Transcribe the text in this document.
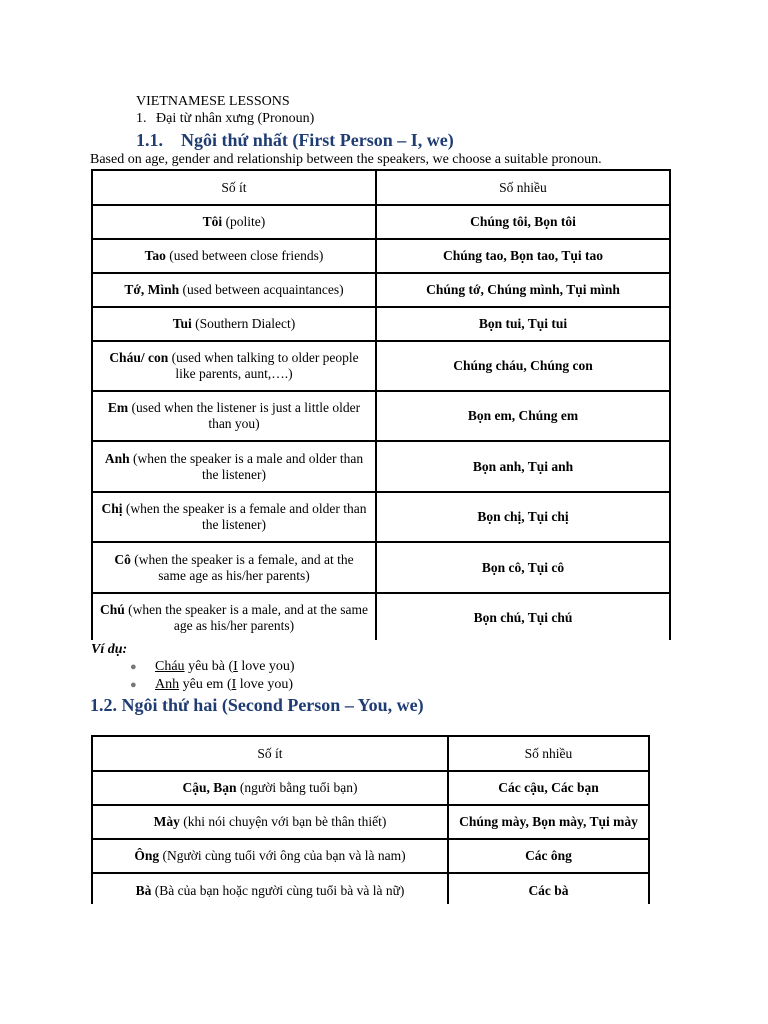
VIETNAMESE LESSONS
1. Đại từ nhân xưng (Pronoun)
1.1. Ngôi thứ nhất (First Person – I, we)
Based on age, gender and relationship between the speakers, we choose a suitable pronoun.
Số ít	Số nhiều
Tôi (polite)	Chúng tôi, Bọn tôi
Tao (used between close friends)	Chúng tao, Bọn tao, Tụi tao
Tớ, Mình (used between acquaintances)	Chúng tớ, Chúng mình, Tụi mình
Tui (Southern Dialect)	Bọn tui, Tụi tui
Cháu/ con (used when talking to older people like parents, aunt,….)	Chúng cháu, Chúng con
Em (used when the listener is just a little older than you)	Bọn em, Chúng em
Anh (when the speaker is a male and older than the listener)	Bọn anh, Tụi anh
Chị (when the speaker is a female and older than the listener)	Bọn chị, Tụi chị
Cô (when the speaker is a female, and at the same age as his/her parents)	Bọn cô, Tụi cô
Chú (when the speaker is a male, and at the same age as his/her parents)	Bọn chú, Tụi chú
Ví dụ:
● Cháu yêu bà (I love you)
● Anh yêu em (I love you)
1.2. Ngôi thứ hai (Second Person – You, we)
Số ít	Số nhiều
Cậu, Bạn (người bằng tuổi bạn)	Các cậu, Các bạn
Mày (khi nói chuyện với bạn bè thân thiết)	Chúng mày, Bọn mày, Tụi mày
Ông (Người cùng tuổi với ông của bạn và là nam)	Các ông
Bà (Bà của bạn hoặc người cùng tuổi bà và là nữ)	Các bà
